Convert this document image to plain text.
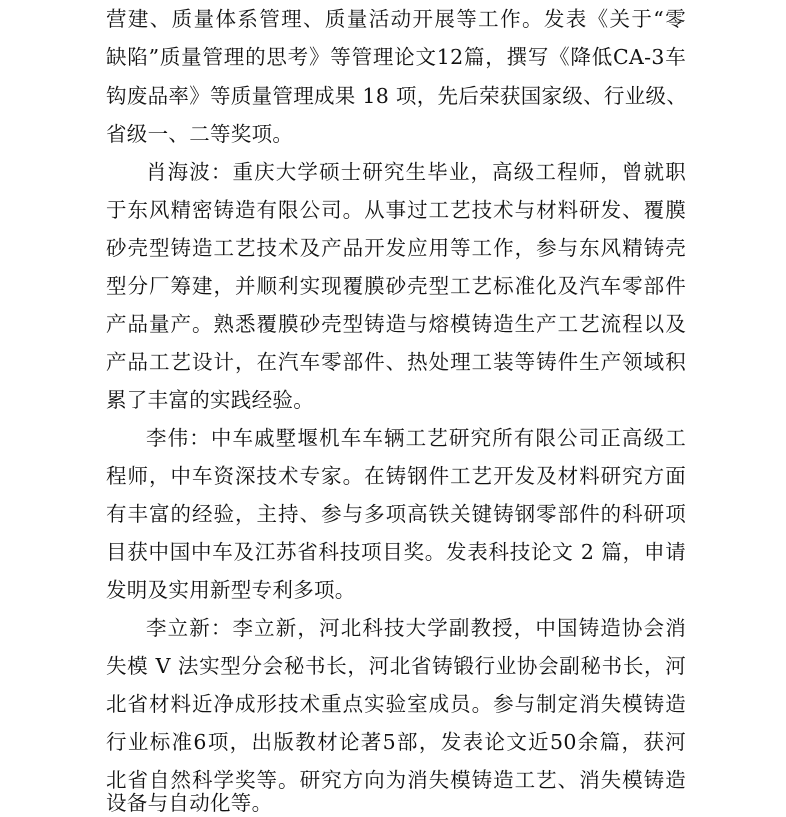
营建、质量体系管理、质量活动开展等工作。发表《关于“零
缺陷”质量管理的思考》等管理论文12篇，撰写《降低CA-3车
钩废品率》等质量管理成果 18 项，先后荣获国家级、行业级、
省级一、二等奖项。
肖海波：重庆大学硕士研究生毕业，高级工程师，曾就职
于东风精密铸造有限公司。从事过工艺技术与材料研发、覆膜
砂壳型铸造工艺技术及产品开发应用等工作，参与东风精铸壳
型分厂筹建，并顺利实现覆膜砂壳型工艺标准化及汽车零部件
产品量产。熟悉覆膜砂壳型铸造与熔模铸造生产工艺流程以及
产品工艺设计，在汽车零部件、热处理工装等铸件生产领域积
累了丰富的实践经验。
李伟：中车戚墅堰机车车辆工艺研究所有限公司正高级工
程师，中车资深技术专家。在铸钢件工艺开发及材料研究方面
有丰富的经验，主持、参与多项高铁关键铸钢零部件的科研项
目获中国中车及江苏省科技项目奖。发表科技论文 2 篇，申请
发明及实用新型专利多项。
李立新：李立新，河北科技大学副教授，中国铸造协会消
失模 V 法实型分会秘书长，河北省铸锻行业协会副秘书长，河
北省材料近净成形技术重点实验室成员。参与制定消失模铸造
行业标准6项，出版教材论著5部，发表论文近50余篇，获河
北省自然科学奖等。研究方向为消失模铸造工艺、消失模铸造
设备与自动化等。
